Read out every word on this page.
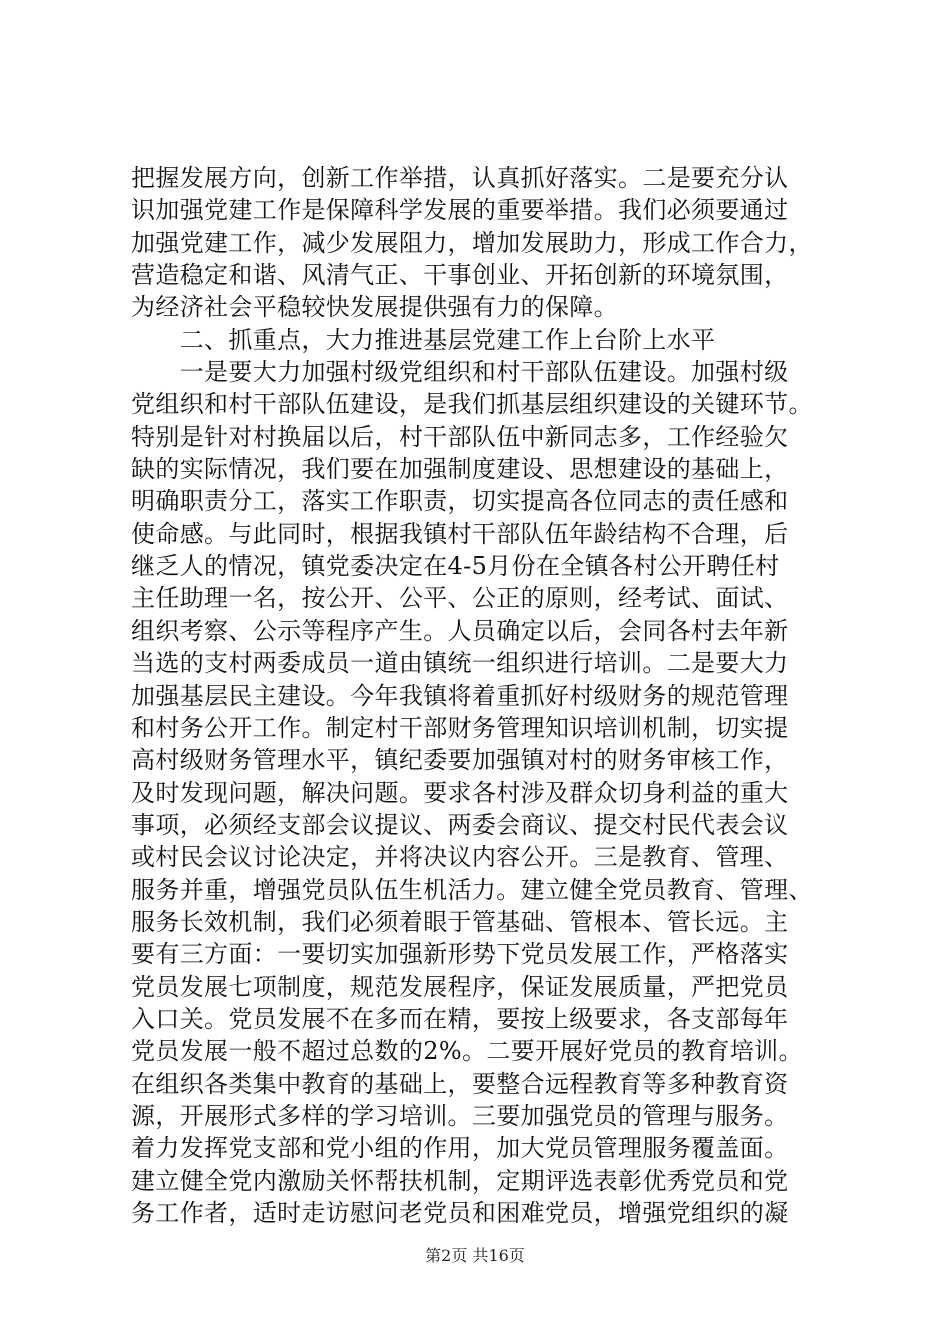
把握发展方向，创新工作举措，认真抓好落实。二是要充分认
识加强党建工作是保障科学发展的重要举措。我们必须要通过
加强党建工作，减少发展阻力，增加发展助力，形成工作合力，
营造稳定和谐、风清气正、干事创业、开拓创新的环境氛围，
为经济社会平稳较快发展提供强有力的保障。
　　二、抓重点，大力推进基层党建工作上台阶上水平
　　一是要大力加强村级党组织和村干部队伍建设。加强村级
党组织和村干部队伍建设，是我们抓基层组织建设的关键环节。
特别是针对村换届以后，村干部队伍中新同志多，工作经验欠
缺的实际情况，我们要在加强制度建设、思想建设的基础上，
明确职责分工，落实工作职责，切实提高各位同志的责任感和
使命感。与此同时，根据我镇村干部队伍年龄结构不合理，后
继乏人的情况，镇党委决定在4-5月份在全镇各村公开聘任村
主任助理一名，按公开、公平、公正的原则，经考试、面试、
组织考察、公示等程序产生。人员确定以后，会同各村去年新
当选的支村两委成员一道由镇统一组织进行培训。二是要大力
加强基层民主建设。今年我镇将着重抓好村级财务的规范管理
和村务公开工作。制定村干部财务管理知识培训机制，切实提
高村级财务管理水平，镇纪委要加强镇对村的财务审核工作，
及时发现问题，解决问题。要求各村涉及群众切身利益的重大
事项，必须经支部会议提议、两委会商议、提交村民代表会议
或村民会议讨论决定，并将决议内容公开。三是教育、管理、
服务并重，增强党员队伍生机活力。建立健全党员教育、管理、
服务长效机制，我们必须着眼于管基础、管根本、管长远。主
要有三方面：一要切实加强新形势下党员发展工作，严格落实
党员发展七项制度，规范发展程序，保证发展质量，严把党员
入口关。党员发展不在多而在精，要按上级要求，各支部每年
党员发展一般不超过总数的2%。二要开展好党员的教育培训。
在组织各类集中教育的基础上，要整合远程教育等多种教育资
源，开展形式多样的学习培训。三要加强党员的管理与服务。
着力发挥党支部和党小组的作用，加大党员管理服务覆盖面。
建立健全党内激励关怀帮扶机制，定期评选表彰优秀党员和党
务工作者，适时走访慰问老党员和困难党员，增强党组织的凝
第2页 共16页
